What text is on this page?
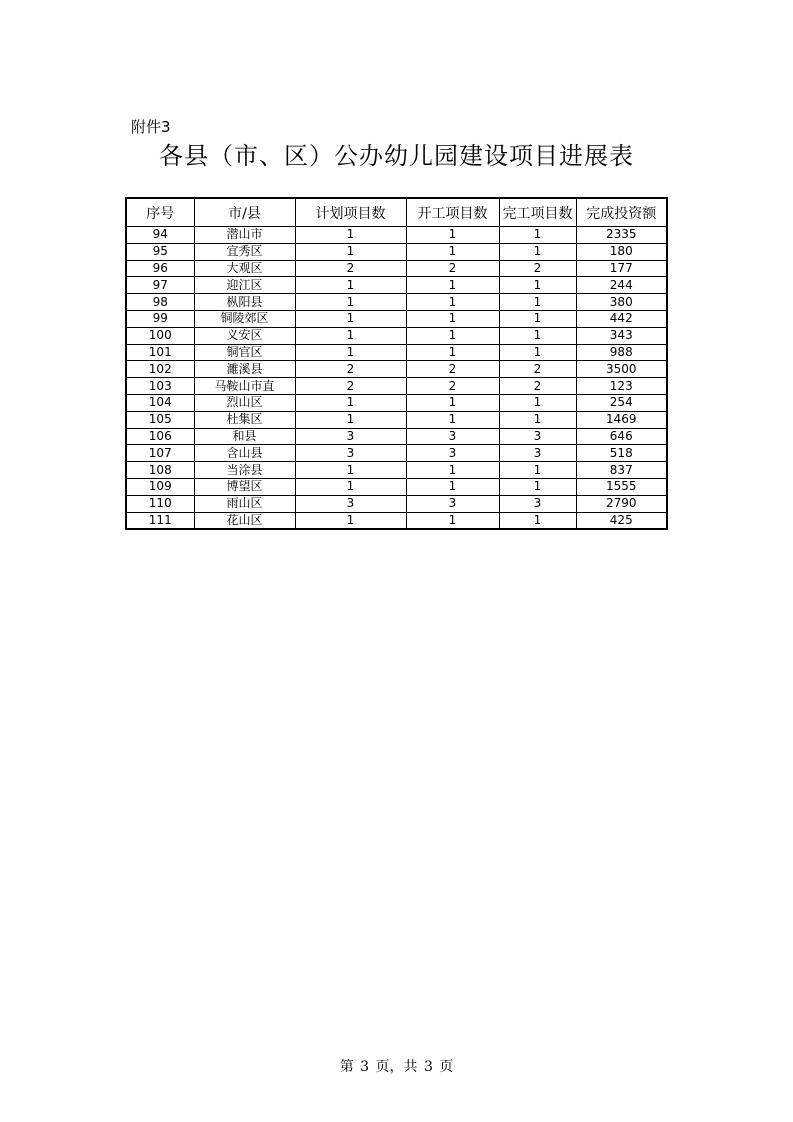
附件3
各县（市、区）公办幼儿园建设项目进展表
序号	市/县	计划项目数	开工项目数	完工项目数	完成投资额
94	潜山市	1	1	1	2335
95	宜秀区	1	1	1	180
96	大观区	2	2	2	177
97	迎江区	1	1	1	244
98	枞阳县	1	1	1	380
99	铜陵郊区	1	1	1	442
100	义安区	1	1	1	343
101	铜官区	1	1	1	988
102	濉溪县	2	2	2	3500
103	马鞍山市直	2	2	2	123
104	烈山区	1	1	1	254
105	杜集区	1	1	1	1469
106	和县	3	3	3	646
107	含山县	3	3	3	518
108	当涂县	1	1	1	837
109	博望区	1	1	1	1555
110	雨山区	3	3	3	2790
111	花山区	1	1	1	425
第 3 页，共 3 页
